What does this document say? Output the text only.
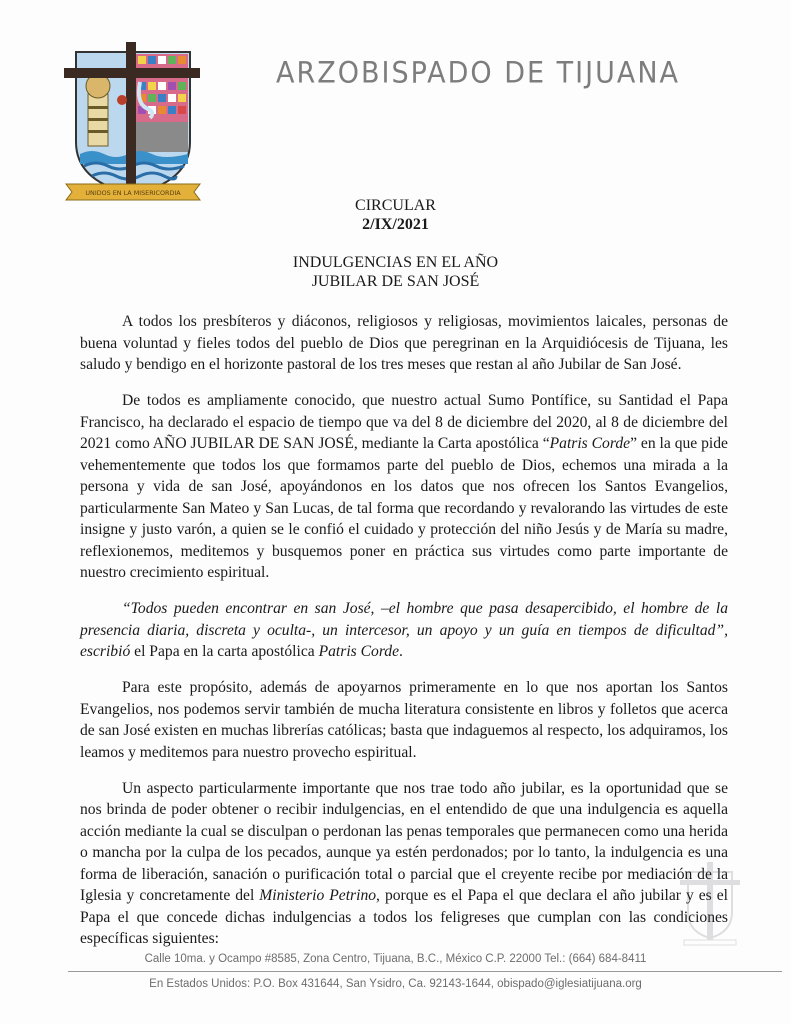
UNIDOS EN LA MISERICORDIA
ARZOBISPADO DE TIJUANA
CIRCULAR
2/IX/2021
INDULGENCIAS EN EL AÑO
JUBILAR DE SAN JOSÉ

A todos los presbíteros y diáconos, religiosos y religiosas, movimientos laicales, personas de buena voluntad y fieles todos del pueblo de Dios que peregrinan en la Arquidiócesis de Tijuana, les saludo y bendigo en el horizonte pastoral de los tres meses que restan al año Jubilar de San José.

De todos es ampliamente conocido, que nuestro actual Sumo Pontífice, su Santidad el Papa Francisco, ha declarado el espacio de tiempo que va del 8 de diciembre del 2020, al 8 de diciembre del 2021 como AÑO JUBILAR DE SAN JOSÉ, mediante la Carta apostólica “Patris Corde” en la que pide vehementemente que todos los que formamos parte del pueblo de Dios, echemos una mirada a la persona y vida de san José, apoyándonos en los datos que nos ofrecen los Santos Evangelios, particularmente San Mateo y San Lucas, de tal forma que recordando y revalorando las virtudes de este insigne y justo varón, a quien se le confió el cuidado y protección del niño Jesús y de María su madre, reflexionemos, meditemos y busquemos poner en práctica sus virtudes como parte importante de nuestro crecimiento espiritual.

“Todos pueden encontrar en san José, –el hombre que pasa desapercibido, el hombre de la presencia diaria, discreta y oculta-, un intercesor, un apoyo y un guía en tiempos de dificultad”, escribió el Papa en la carta apostólica Patris Corde.

Para este propósito, además de apoyarnos primeramente en lo que nos aportan los Santos Evangelios, nos podemos servir también de mucha literatura consistente en libros y folletos que acerca de san José existen en muchas librerías católicas; basta que indaguemos al respecto, los adquiramos, los leamos y meditemos para nuestro provecho espiritual.

Un aspecto particularmente importante que nos trae todo año jubilar, es la oportunidad que se nos brinda de poder obtener o recibir indulgencias, en el entendido de que una indulgencia es aquella acción mediante la cual se disculpan o perdonan las penas temporales que permanecen como una herida o mancha por la culpa de los pecados, aunque ya estén perdonados; por lo tanto, la indulgencia es una forma de liberación, sanación o purificación total o parcial que el creyente recibe por mediación de la Iglesia y concretamente del Ministerio Petrino, porque es el Papa el que declara el año jubilar y es el Papa el que concede dichas indulgencias a todos los feligreses que cumplan con las condiciones específicas siguientes:

Calle 10ma. y Ocampo #8585, Zona Centro, Tijuana, B.C., México C.P. 22000 Tel.: (664) 684-8411
En Estados Unidos: P.O. Box 431644, San Ysidro, Ca. 92143-1644, obispado@iglesiatijuana.org
